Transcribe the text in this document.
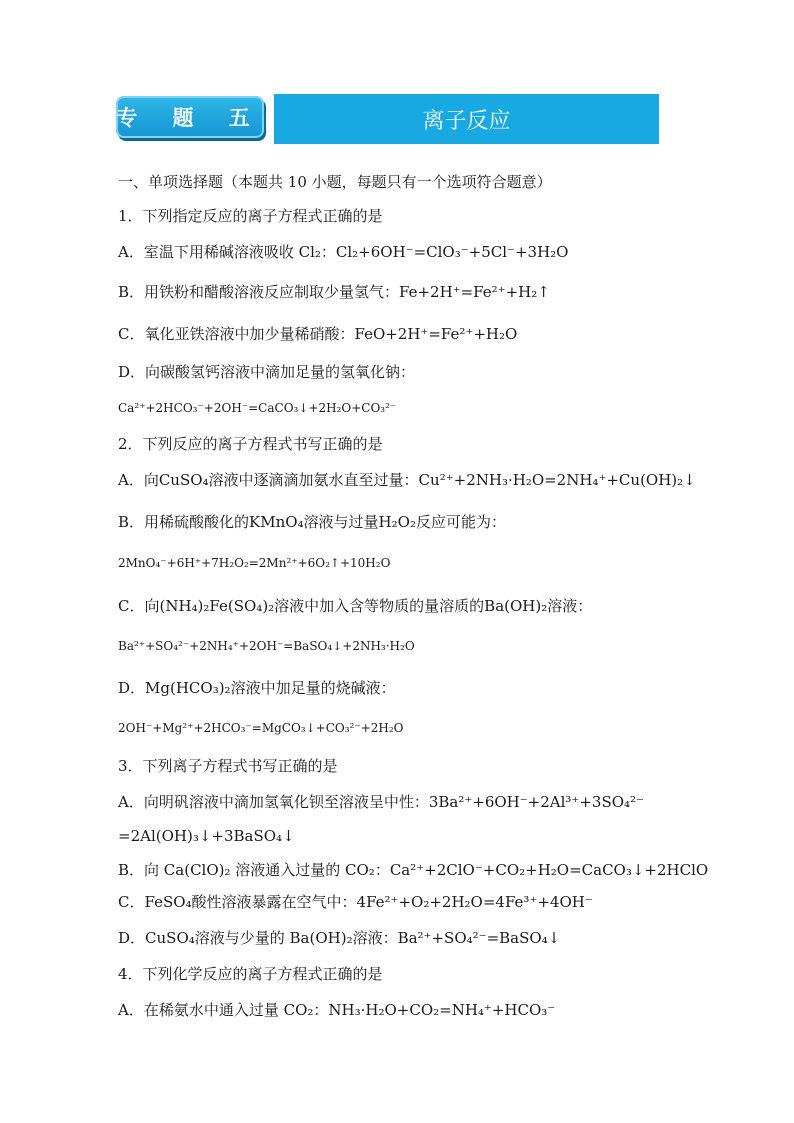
专 题 五	离子反应
一、单项选择题（本题共 10 小题，每题只有一个选项符合题意）
1．下列指定反应的离子方程式正确的是
A．室温下用稀碱溶液吸收 Cl₂：Cl₂+6OH⁻=ClO₃⁻+5Cl⁻+3H₂O
B．用铁粉和醋酸溶液反应制取少量氢气：Fe+2H⁺=Fe²⁺+H₂↑
C．氧化亚铁溶液中加少量稀硝酸：FeO+2H⁺=Fe²⁺+H₂O
D．向碳酸氢钙溶液中滴加足量的氢氧化钠：
Ca²⁺+2HCO₃⁻+2OH⁻=CaCO₃↓+2H₂O+CO₃²⁻
2．下列反应的离子方程式书写正确的是
A．向CuSO₄溶液中逐滴滴加氨水直至过量：Cu²⁺+2NH₃·H₂O=2NH₄⁺+Cu(OH)₂↓
B．用稀硫酸酸化的KMnO₄溶液与过量H₂O₂反应可能为：
2MnO₄⁻+6H⁺+7H₂O₂=2Mn²⁺+6O₂↑+10H₂O
C．向(NH₄)₂Fe(SO₄)₂溶液中加入含等物质的量溶质的Ba(OH)₂溶液：
Ba²⁺+SO₄²⁻+2NH₄⁺+2OH⁻=BaSO₄↓+2NH₃·H₂O
D．Mg(HCO₃)₂溶液中加足量的烧碱液：
2OH⁻+Mg²⁺+2HCO₃⁻=MgCO₃↓+CO₃²⁻+2H₂O
3．下列离子方程式书写正确的是
A．向明矾溶液中滴加氢氧化钡至溶液呈中性：3Ba²⁺+6OH⁻+2Al³⁺+3SO₄²⁻
=2Al(OH)₃↓+3BaSO₄↓
B．向 Ca(ClO)₂ 溶液通入过量的 CO₂：Ca²⁺+2ClO⁻+CO₂+H₂O=CaCO₃↓+2HClO
C．FeSO₄酸性溶液暴露在空气中：4Fe²⁺+O₂+2H₂O=4Fe³⁺+4OH⁻
D．CuSO₄溶液与少量的 Ba(OH)₂溶液：Ba²⁺+SO₄²⁻=BaSO₄↓
4．下列化学反应的离子方程式正确的是
A．在稀氨水中通入过量 CO₂：NH₃·H₂O+CO₂=NH₄⁺+HCO₃⁻
